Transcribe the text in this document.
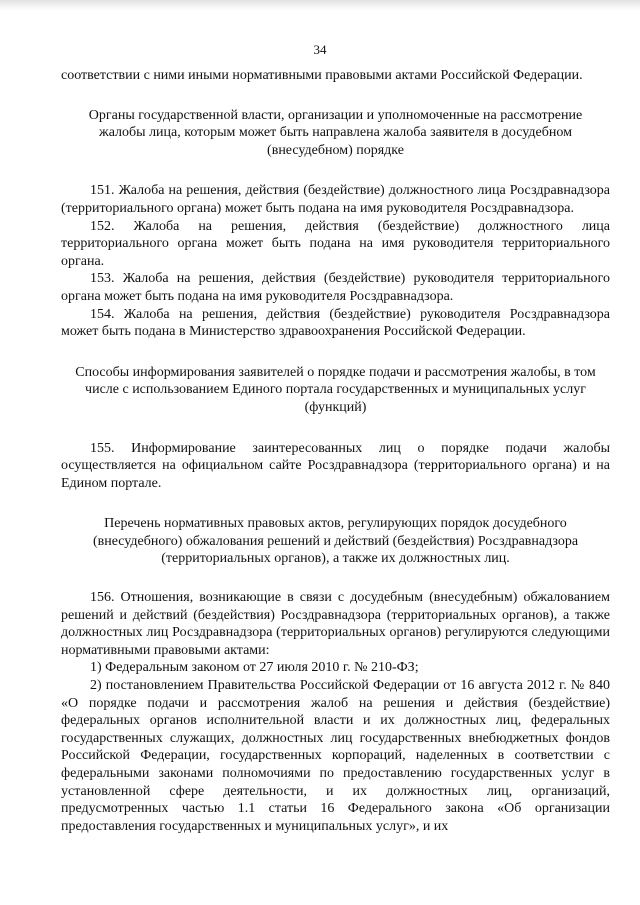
34

соответствии с ними иными нормативными правовыми актами Российской Федерации.

Органы государственной власти, организации и уполномоченные на рассмотрение жалобы лица, которым может быть направлена жалоба заявителя в досудебном (внесудебном) порядке

151. Жалоба на решения, действия (бездействие) должностного лица Росздравнадзора (территориального органа) может быть подана на имя руководителя Росздравнадзора.

152. Жалоба на решения, действия (бездействие) должностного лица территориального органа может быть подана на имя руководителя территориального органа.

153. Жалоба на решения, действия (бездействие) руководителя территориального органа может быть подана на имя руководителя Росздравнадзора.

154. Жалоба на решения, действия (бездействие) руководителя Росздравнадзора может быть подана в Министерство здравоохранения Российской Федерации.

Способы информирования заявителей о порядке подачи и рассмотрения жалобы, в том числе с использованием Единого портала государственных и муниципальных услуг (функций)

155. Информирование заинтересованных лиц о порядке подачи жалобы осуществляется на официальном сайте Росздравнадзора (территориального органа) и на Едином портале.

Перечень нормативных правовых актов, регулирующих порядок досудебного (внесудебного) обжалования решений и действий (бездействия) Росздравнадзора (территориальных органов), а также их должностных лиц.

156. Отношения, возникающие в связи с досудебным (внесудебным) обжалованием решений и действий (бездействия) Росздравнадзора (территориальных органов), а также должностных лиц Росздравнадзора (территориальных органов) регулируются следующими нормативными правовыми актами:

1) Федеральным законом от 27 июля 2010 г. № 210-ФЗ;

2) постановлением Правительства Российской Федерации от 16 августа 2012 г. № 840 «О порядке подачи и рассмотрения жалоб на решения и действия (бездействие) федеральных органов исполнительной власти и их должностных лиц, федеральных государственных служащих, должностных лиц государственных внебюджетных фондов Российской Федерации, государственных корпораций, наделенных в соответствии с федеральными законами полномочиями по предоставлению государственных услуг в установленной сфере деятельности, и их должностных лиц, организаций, предусмотренных частью 1.1 статьи 16 Федерального закона «Об организации предоставления государственных и муниципальных услуг», и их
